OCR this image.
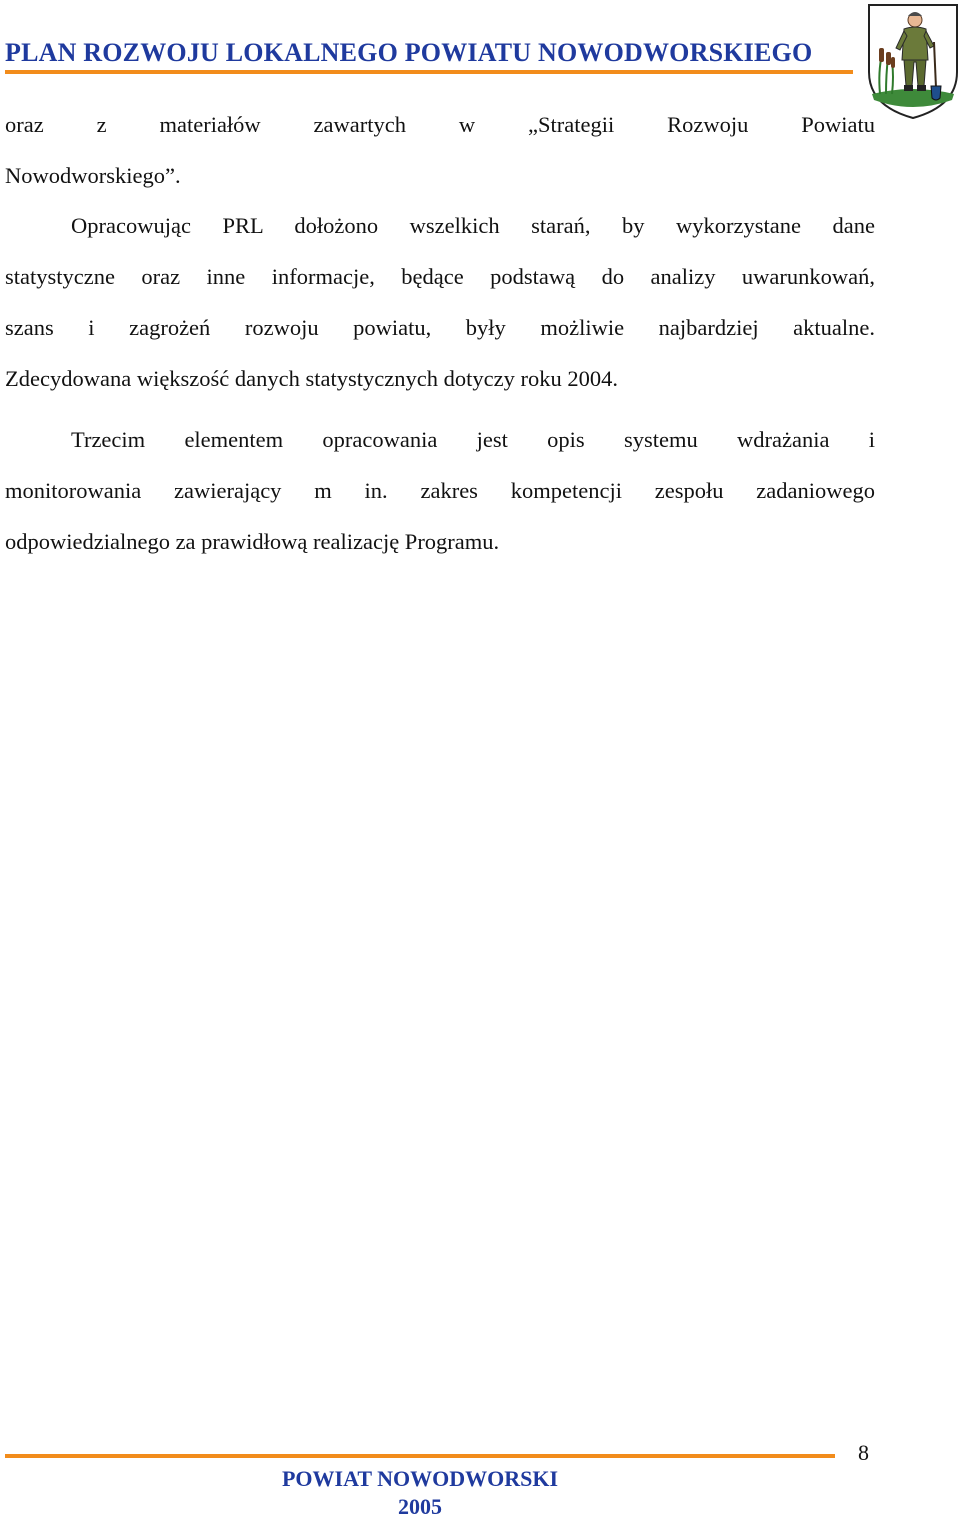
PLAN ROZWOJU LOKALNEGO POWIATU NOWODWORSKIEGO
oraz z materiałów zawartych w „Strategii Rozwoju Powiatu
Nowodworskiego”.
Opracowując PRL dołożono wszelkich starań, by wykorzystane dane
statystyczne oraz inne informacje, będące podstawą do analizy uwarunkowań,
szans i zagrożeń rozwoju powiatu, były możliwie najbardziej aktualne.
Zdecydowana większość danych statystycznych dotyczy roku 2004.
Trzecim elementem opracowania jest opis systemu wdrażania i
monitorowania zawierający m in. zakres kompetencji zespołu zadaniowego
odpowiedzialnego za prawidłową realizację Programu.
8
POWIAT NOWODWORSKI
2005
